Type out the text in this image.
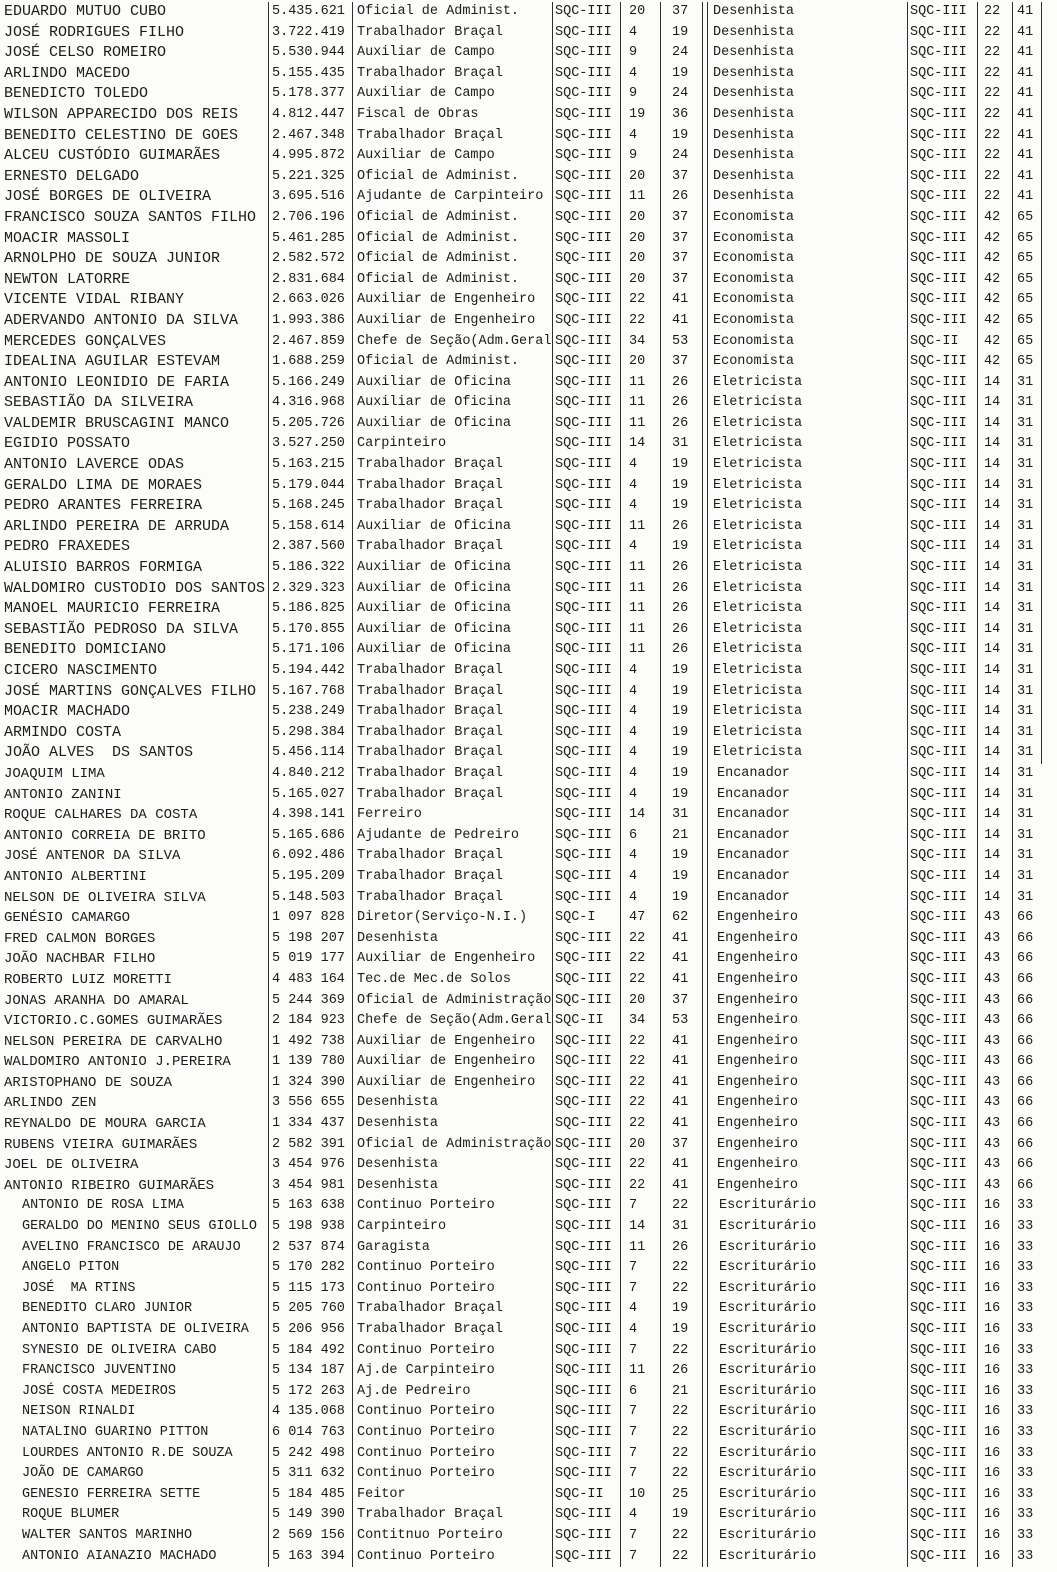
EDUARDO MUTUO CUBO	5.435.621 Oficial de Administ.	SQC-III	20	37	Desenhista	SQC-III	22	41
JOSÉ RODRIGUES FILHO	3.722.419 Trabalhador Braçal	SQC-III	4	19	Desenhista	SQC-III	22	41
JOSÉ CELSO ROMEIRO	5.530.944 Auxiliar de Campo	SQC-III	9	24	Desenhista	SQC-III	22	41
ARLINDO MACEDO	5.155.435 Trabalhador Braçal	SQC-III	4	19	Desenhista	SQC-III	22	41
BENEDICTO TOLEDO	5.178.377 Auxiliar de Campo	SQC-III	9	24	Desenhista	SQC-III	22	41
WILSON APPARECIDO DOS REIS	4.812.447 Fiscal de Obras	SQC-III	19	36	Desenhista	SQC-III	22	41
BENEDITO CELESTINO DE GOES	2.467.348 Trabalhador Braçal	SQC-III	4	19	Desenhista	SQC-III	22	41
ALCEU CUSTÓDIO GUIMARÃES	4.995.872 Auxiliar de Campo	SQC-III	9	24	Desenhista	SQC-III	22	41
ERNESTO DELGADO	5.221.325 Oficial de Administ.	SQC-III	20	37	Desenhista	SQC-III	22	41
JOSÉ BORGES DE OLIVEIRA	3.695.516 Ajudante de Carpinteiro SQC-III	11	26	Desenhista	SQC-III	22	41
FRANCISCO SOUZA SANTOS FILHO	2.706.196 Oficial de Administ.	SQC-III	20	37	Economista	SQC-III	42	65
MOACIR MASSOLI	5.461.285 Oficial de Administ.	SQC-III	20	37	Economista	SQC-III	42	65
ARNOLPHO DE SOUZA JUNIOR	2.582.572 Oficial de Administ.	SQC-III	20	37	Economista	SQC-III	42	65
NEWTON LATORRE	2.831.684 Oficial de Administ.	SQC-III	20	37	Economista	SQC-III	42	65
VICENTE VIDAL RIBANY	2.663.026 Auxiliar de Engenheiro	SQC-III	22	41	Economista	SQC-III	42	65
ADERVANDO ANTONIO DA SILVA	1.993.386 Auxiliar de Engenheiro	SQC-III	22	41	Economista	SQC-III	42	65
MERCEDES GONÇALVES	2.467.859 Chefe de Seção(Adm.Geral SQC-III	34	53	Economista	SQC-II	42	65
IDEALINA AGUILAR ESTEVAM	1.688.259 Oficial de Administ.	SQC-III	20	37	Economista	SQC-III	42	65
ANTONIO LEONIDIO DE FARIA	5.166.249 Auxiliar de Oficina	SQC-III	11	26	Eletricista	SQC-III	14	31
SEBASTIÃO DA SILVEIRA	4.316.968 Auxiliar de Oficina	SQC-III	11	26	Eletricista	SQC-III	14	31
VALDEMIR BRUSCAGINI MANCO	5.205.726 Auxiliar de Oficina	SQC-III	11	26	Eletricista	SQC-III	14	31
EGIDIO POSSATO	3.527.250 Carpinteiro	SQC-III	14	31	Eletricista	SQC-III	14	31
ANTONIO LAVERCE ODAS	5.163.215 Trabalhador Braçal	SQC-III	4	19	Eletricista	SQC-III	14	31
GERALDO LIMA DE MORAES	5.179.044 Trabalhador Braçal	SQC-III	4	19	Eletricista	SQC-III	14	31
PEDRO ARANTES FERREIRA	5.168.245 Trabalhador Braçal	SQC-III	4	19	Eletricista	SQC-III	14	31
ARLINDO PEREIRA DE ARRUDA	5.158.614 Auxiliar de Oficina	SQC-III	11	26	Eletricista	SQC-III	14	31
PEDRO FRAXEDES	2.387.560 Trabalhador Braçal	SQC-III	4	19	Eletricista	SQC-III	14	31
ALUISIO BARROS FORMIGA	5.186.322 Auxiliar de Oficina	SQC-III	11	26	Eletricista	SQC-III	14	31
WALDOMIRO CUSTODIO DOS SANTOS 2.329.323 Auxiliar de Oficina	SQC-III	11	26	Eletricista	SQC-III	14	31
MANOEL MAURICIO FERREIRA	5.186.825 Auxiliar de Oficina	SQC-III	11	26	Eletricista	SQC-III	14	31
SEBASTIÃO PEDROSO DA SILVA	5.170.855 Auxiliar de Oficina	SQC-III	11	26	Eletricista	SQC-III	14	31
BENEDITO DOMICIANO	5.171.106 Auxiliar de Oficina	SQC-III	11	26	Eletricista	SQC-III	14	31
CICERO NASCIMENTO	5.194.442 Trabalhador Braçal	SQC-III	4	19	Eletricista	SQC-III	14	31
JOSÉ MARTINS GONÇALVES FILHO	5.167.768 Trabalhador Braçal	SQC-III	4	19	Eletricista	SQC-III	14	31
MOACIR MACHADO	5.238.249 Trabalhador Braçal	SQC-III	4	19	Eletricista	SQC-III	14	31
ARMINDO COSTA	5.298.384 Trabalhador Braçal	SQC-III	4	19	Eletricista	SQC-III	14	31
JOÃO ALVES  DS SANTOS	5.456.114 Trabalhador Braçal	SQC-III	4	19	Eletricista	SQC-III	14	31
JOAQUIM LIMA	4.840.212 Trabalhador Braçal	SQC-III	4	19	Encanador	SQC-III	14	31
ANTONIO ZANINI	5.165.027 Trabalhador Braçal	SQC-III	4	19	Encanador	SQC-III	14	31
ROQUE CALHARES DA COSTA	4.398.141 Ferreiro	SQC-III	14	31	Encanador	SQC-III	14	31
ANTONIO CORREIA DE BRITO	5.165.686 Ajudante de Pedreiro	SQC-III	6	21	Encanador	SQC-III	14	31
JOSÉ ANTENOR DA SILVA	6.092.486 Trabalhador Braçal	SQC-III	4	19	Encanador	SQC-III	14	31
ANTONIO ALBERTINI	5.195.209 Trabalhador Braçal	SQC-III	4	19	Encanador	SQC-III	14	31
NELSON DE OLIVEIRA SILVA	5.148.503 Trabalhador Braçal	SQC-III	4	19	Encanador	SQC-III	14	31
GENÉSIO CAMARGO	1 097 828 Diretor(Serviço-N.I.)	SQC-I	47	62	Engenheiro	SQC-III	43	66
FRED CALMON BORGES	5 198 207 Desenhista	SQC-III	22	41	Engenheiro	SQC-III	43	66
JOÃO NACHBAR FILHO	5 019 177 Auxiliar de Engenheiro	SQC-III	22	41	Engenheiro	SQC-III	43	66
ROBERTO LUIZ MORETTI	4 483 164 Tec.de Mec.de Solos	SQC-III	22	41	Engenheiro	SQC-III	43	66
JONAS ARANHA DO AMARAL	5 244 369 Oficial de Administração SQC-III	20	37	Engenheiro	SQC-III	43	66
VICTORIO.C.GOMES GUIMARÃES	2 184 923 Chefe de Seção(Adm.Geral SQC-II	34	53	Engenheiro	SQC-III	43	66
NELSON PEREIRA DE CARVALHO	1 492 738 Auxiliar de Engenheiro	SQC-III	22	41	Engenheiro	SQC-III	43	66
WALDOMIRO ANTONIO J.PEREIRA	1 139 780 Auxiliar de Engenheiro	SQC-III	22	41	Engenheiro	SQC-III	43	66
ARISTOPHANO DE SOUZA	1 324 390 Auxiliar de Engenheiro	SQC-III	22	41	Engenheiro	SQC-III	43	66
ARLINDO ZEN	3 556 655 Desenhista	SQC-III	22	41	Engenheiro	SQC-III	43	66
REYNALDO DE MOURA GARCIA	1 334 437 Desenhista	SQC-III	22	41	Engenheiro	SQC-III	43	66
RUBENS VIEIRA GUIMARÃES	2 582 391 Oficial de Administração SQC-III	20	37	Engenheiro	SQC-III	43	66
JOEL DE OLIVEIRA	3 454 976 Desenhista	SQC-III	22	41	Engenheiro	SQC-III	43	66
ANTONIO RIBEIRO GUIMARÃES	3 454 981 Desenhista	SQC-III	22	41	Engenheiro	SQC-III	43	66
ANTONIO DE ROSA LIMA	5 163 638 Continuo Porteiro	SQC-III	7	22	Escriturário	SQC-III	16	33
GERALDO DO MENINO SEUS GIOLLO	5 198 938 Carpinteiro	SQC-III	14	31	Escriturário	SQC-III	16	33
AVELINO FRANCISCO DE ARAUJO	2 537 874 Garagista	SQC-III	11	26	Escriturário	SQC-III	16	33
ANGELO PITON	5 170 282 Continuo Porteiro	SQC-III	7	22	Escriturário	SQC-III	16	33
JOSÉ  MA RTINS	5 115 173 Continuo Porteiro	SQC-III	7	22	Escriturário	SQC-III	16	33
BENEDITO CLARO JUNIOR	5 205 760 Trabalhador Braçal	SQC-III	4	19	Escriturário	SQC-III	16	33
ANTONIO BAPTISTA DE OLIVEIRA	5 206 956 Trabalhador Braçal	SQC-III	4	19	Escriturário	SQC-III	16	33
SYNESIO DE OLIVEIRA CABO	5 184 492 Continuo Porteiro	SQC-III	7	22	Escriturário	SQC-III	16	33
FRANCISCO JUVENTINO	5 134 187 Aj.de Carpinteiro	SQC-III	11	26	Escriturário	SQC-III	16	33
JOSÉ COSTA MEDEIROS	5 172 263 Aj.de Pedreiro	SQC-III	6	21	Escriturário	SQC-III	16	33
NEISON RINALDI	4 135.068 Continuo Porteiro	SQC-III	7	22	Escriturário	SQC-III	16	33
NATALINO GUARINO PITTON	6 014 763 Continuo Porteiro	SQC-III	7	22	Escriturário	SQC-III	16	33
LOURDES ANTONIO R.DE SOUZA	5 242 498 Continuo Porteiro	SQC-III	7	22	Escriturário	SQC-III	16	33
JOÃO DE CAMARGO	5 311 632 Continuo Porteiro	SQC-III	7	22	Escriturário	SQC-III	16	33
GENESIO FERREIRA SETTE	5 184 485 Feitor	SQC-II	10	25	Escriturário	SQC-III	16	33
ROQUE BLUMER	5 149 390 Trabalhador Braçal	SQC-III	4	19	Escriturário	SQC-III	16	33
WALTER SANTOS MARINHO	2 569 156 Contitnuo Porteiro	SQC-III	7	22	Escriturário	SQC-III	16	33
ANTONIO AIANAZIO MACHADO	5 163 394 Continuo Porteiro	SQC-III	7	22	Escriturário	SQC-III	16	33
